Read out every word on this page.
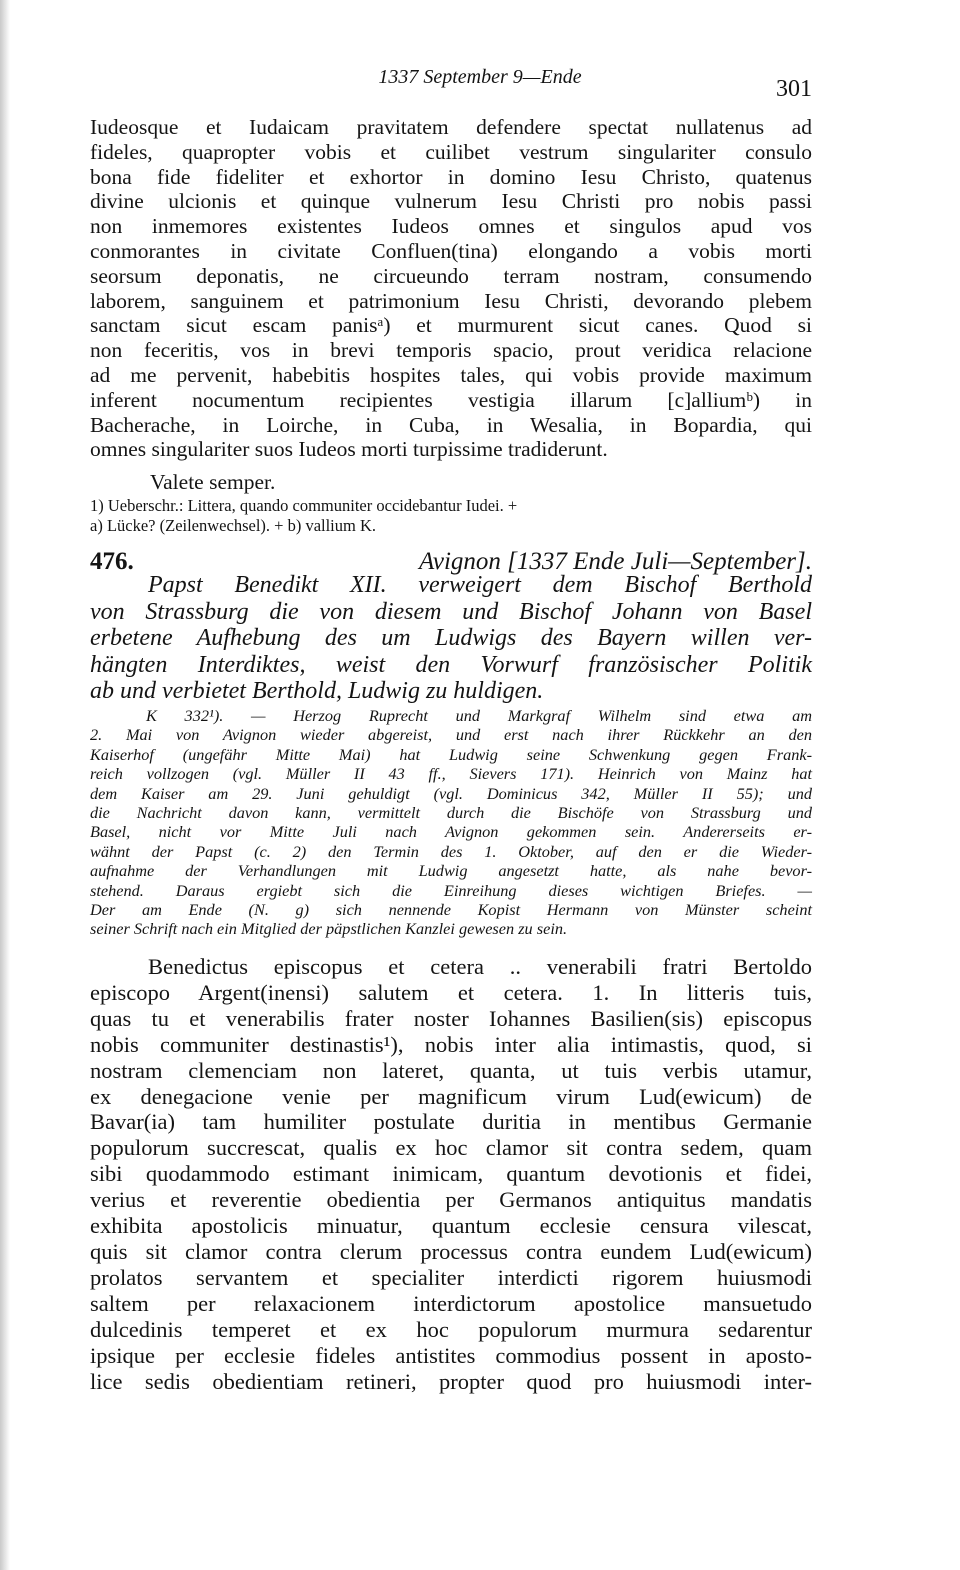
1337 September 9—Ende	301
Iudeosque et Iudaicam pravitatem defendere spectat nullatenus ad
fideles, quapropter vobis et cuilibet vestrum singulariter consulo
bona fide fideliter et exhortor in domino Iesu Christo, quatenus
divine ulcionis et quinque vulnerum Iesu Christi pro nobis passi
non inmemores existentes Iudeos omnes et singulos apud vos
conmorantes in civitate Confluen(tina) elongando a vobis morti
seorsum deponatis, ne circueundo terram nostram, consumendo
laborem, sanguinem et patrimonium Iesu Christi, devorando plebem
sanctam sicut escam panisᵃ) et murmurent sicut canes. Quod si
non feceritis, vos in brevi temporis spacio, prout veridica relacione
ad me pervenit, habebitis hospites tales, qui vobis provide maximum
inferent nocumentum recipientes vestigia illarum [c]alliumᵇ) in
Bacherache, in Loirche, in Cuba, in Wesalia, in Bopardia, qui
omnes singulariter suos Iudeos morti turpissime tradiderunt.
Valete semper.
1) Ueberschr.: Littera, quando communiter occidebantur Iudei. +
a) Lücke? (Zeilenwechsel). + b) vallium K.
476.	Avignon [1337 Ende Juli—September].
Papst Benedikt XII. verweigert dem Bischof Berthold
von Strassburg die von diesem und Bischof Johann von Basel
erbetene Aufhebung des um Ludwigs des Bayern willen ver-
hängten Interdiktes, weist den Vorwurf französischer Politik
ab und verbietet Berthold, Ludwig zu huldigen.
K 332¹). — Herzog Ruprecht und Markgraf Wilhelm sind etwa am
2. Mai von Avignon wieder abgereist, und erst nach ihrer Rückkehr an den
Kaiserhof (ungefähr Mitte Mai) hat Ludwig seine Schwenkung gegen Frank-
reich vollzogen (vgl. Müller II 43 ff., Sievers 171). Heinrich von Mainz hat
dem Kaiser am 29. Juni gehuldigt (vgl. Dominicus 342, Müller II 55); und
die Nachricht davon kann, vermittelt durch die Bischöfe von Strassburg und
Basel, nicht vor Mitte Juli nach Avignon gekommen sein. Andererseits er-
wähnt der Papst (c. 2) den Termin des 1. Oktober, auf den er die Wieder-
aufnahme der Verhandlungen mit Ludwig angesetzt hatte, als nahe bevor-
stehend. Daraus ergiebt sich die Einreihung dieses wichtigen Briefes. —
Der am Ende (N. g) sich nennende Kopist Hermann von Münster scheint
seiner Schrift nach ein Mitglied der päpstlichen Kanzlei gewesen zu sein.
Benedictus episcopus et cetera .. venerabili fratri Bertoldo
episcopo Argent(inensi) salutem et cetera. 1. In litteris tuis,
quas tu et venerabilis frater noster Iohannes Basilien(sis) episcopus
nobis communiter destinastis¹), nobis inter alia intimastis, quod, si
nostram clemenciam non lateret, quanta, ut tuis verbis utamur,
ex denegacione venie per magnificum virum Lud(ewicum) de
Bavar(ia) tam humiliter postulate duritia in mentibus Germanie
populorum succrescat, qualis ex hoc clamor sit contra sedem, quam
sibi quodammodo estimant inimicam, quantum devotionis et fidei,
verius et reverentie obedientia per Germanos antiquitus mandatis
exhibita apostolicis minuatur, quantum ecclesie censura vilescat,
quis sit clamor contra clerum processus contra eundem Lud(ewicum)
prolatos servantem et specialiter interdicti rigorem huiusmodi
saltem per relaxacionem interdictorum apostolice mansuetudo
dulcedinis temperet et ex hoc populorum murmura sedarentur
ipsique per ecclesie fideles antistites commodius possent in aposto-
lice sedis obedientiam retineri, propter quod pro huiusmodi inter-
